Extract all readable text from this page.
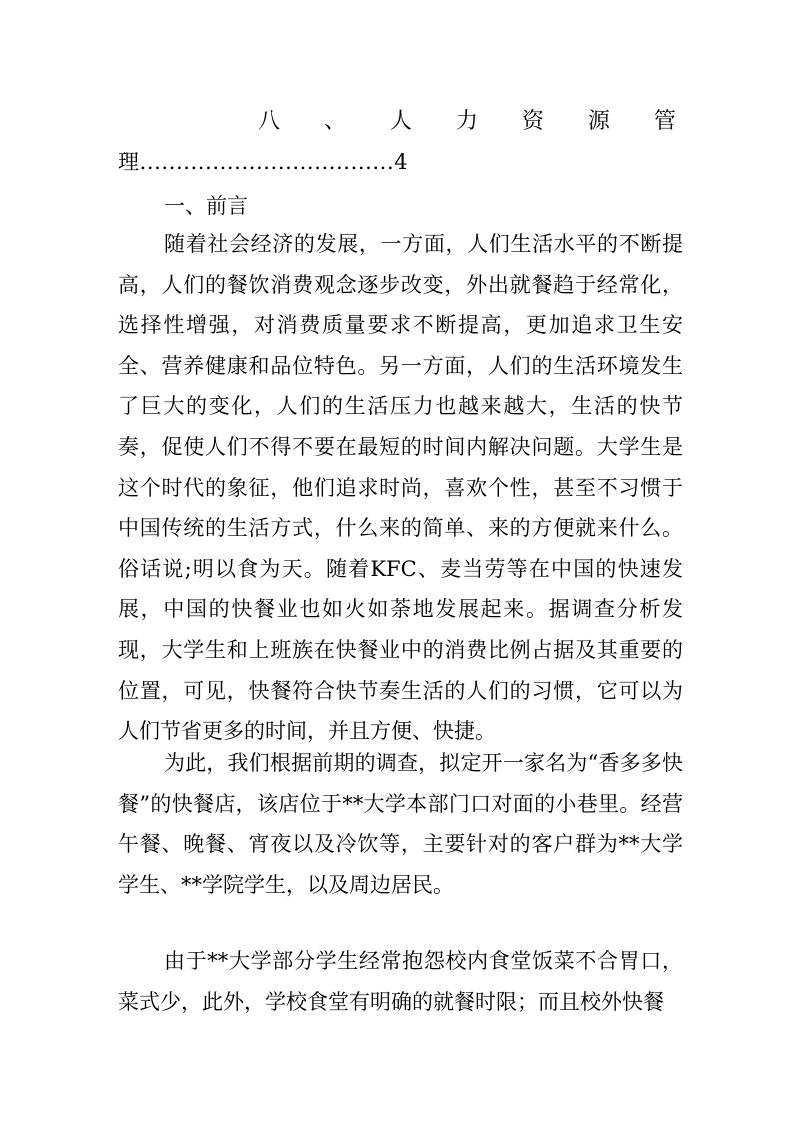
八 、 人 力 资 源 管
理...................................4
一、前言

随着社会经济的发展，一方面，人们生活水平的不断提高，人们的餐饮消费观念逐步改变，外出就餐趋于经常化，选择性增强，对消费质量要求不断提高，更加追求卫生安全、营养健康和品位特色。另一方面，人们的生活环境发生了巨大的变化，人们的生活压力也越来越大，生活的快节奏，促使人们不得不要在最短的时间内解决问题。大学生是这个时代的象征，他们追求时尚，喜欢个性，甚至不习惯于中国传统的生活方式，什么来的简单、来的方便就来什么。俗话说;明以食为天。随着KFC、麦当劳等在中国的快速发展，中国的快餐业也如火如荼地发展起来。据调查分析发现，大学生和上班族在快餐业中的消费比例占据及其重要的位置，可见，快餐符合快节奏生活的人们的习惯，它可以为人们节省更多的时间，并且方便、快捷。

为此，我们根据前期的调查，拟定开一家名为“香多多快餐”的快餐店，该店位于**大学本部门口对面的小巷里。经营午餐、晚餐、宵夜以及冷饮等，主要针对的客户群为**大学学生、**学院学生，以及周边居民。

由于**大学部分学生经常抱怨校内食堂饭菜不合胃口，菜式少，此外，学校食堂有明确的就餐时限；而且校外快餐
